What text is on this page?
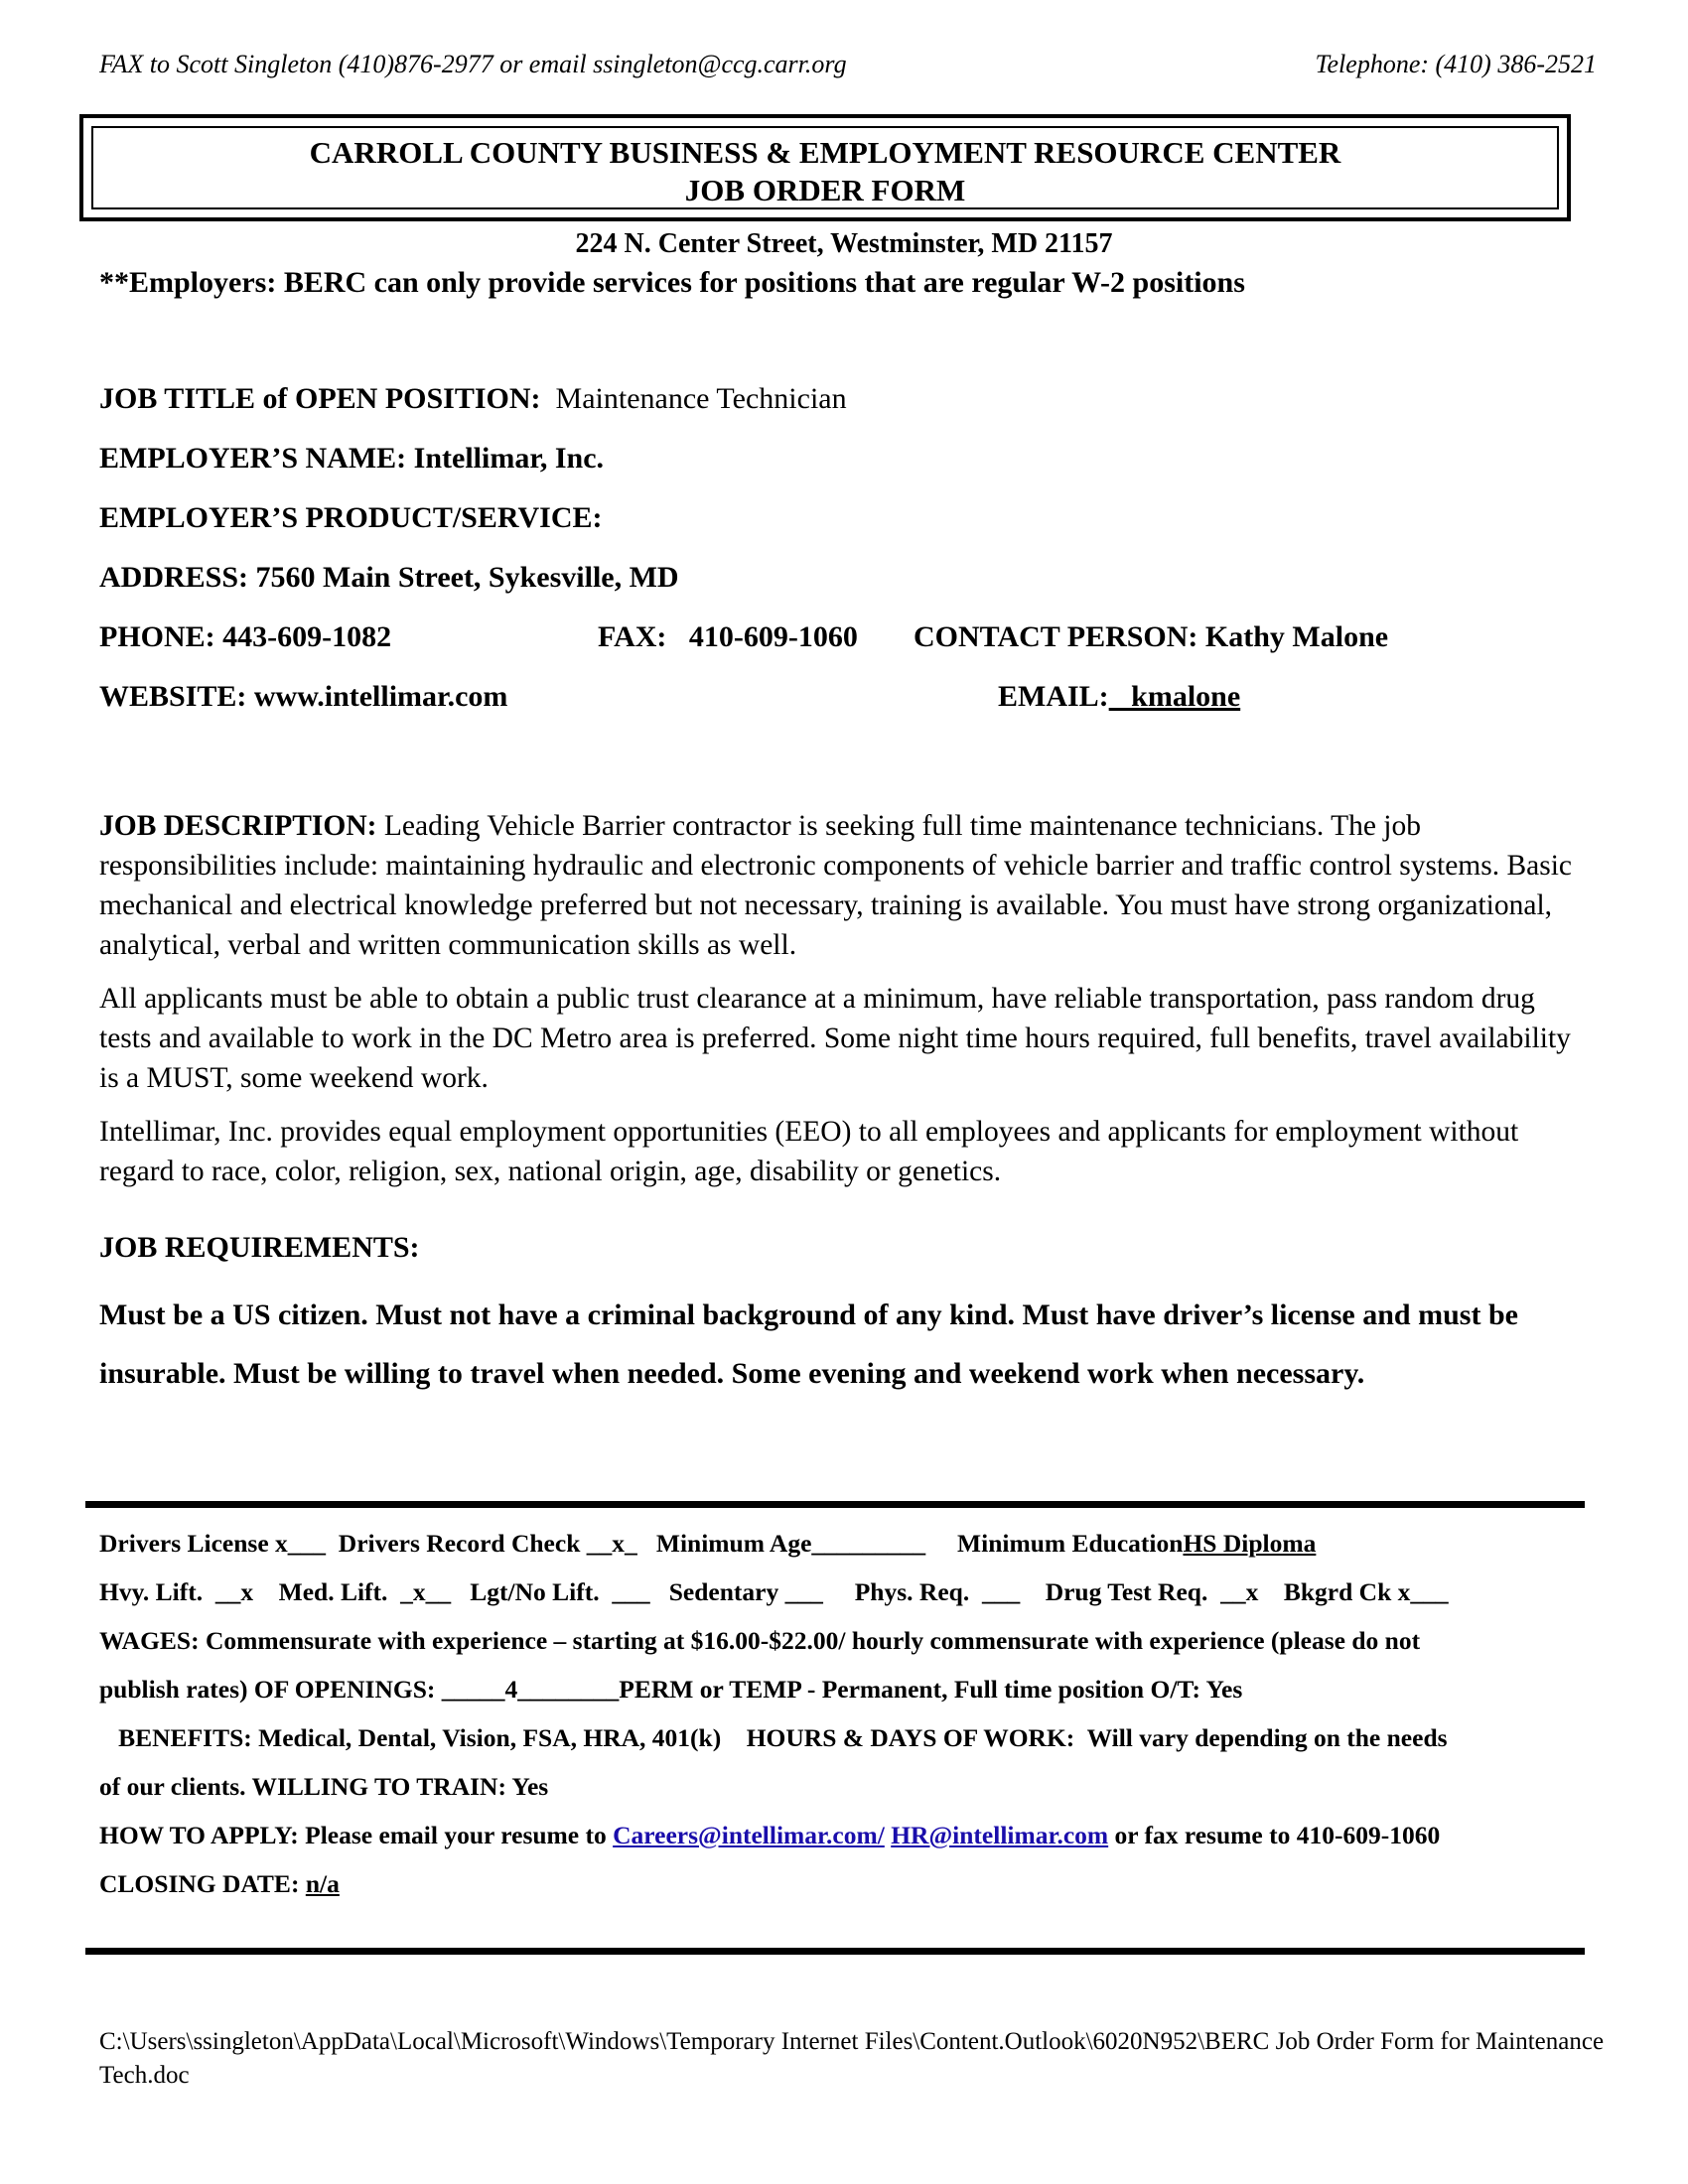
FAX to Scott Singleton (410)876-2977 or email ssingleton@ccg.carr.org	Telephone: (410) 386-2521
CARROLL COUNTY BUSINESS & EMPLOYMENT RESOURCE CENTER
JOB ORDER FORM
224 N. Center Street, Westminster, MD 21157
**Employers: BERC can only provide services for positions that are regular W-2 positions
JOB TITLE of OPEN POSITION: Maintenance Technician
EMPLOYER’S NAME: Intellimar, Inc.
EMPLOYER’S PRODUCT/SERVICE:
ADDRESS: 7560 Main Street, Sykesville, MD
PHONE: 443-609-1082	FAX:   410-609-1060 CONTACT PERSON: Kathy Malone
WEBSITE: www.intellimar.com	EMAIL:   kmalone

JOB DESCRIPTION: Leading Vehicle Barrier contractor is seeking full time maintenance technicians. The job responsibilities include: maintaining hydraulic and electronic components of vehicle barrier and traffic control systems. Basic mechanical and electrical knowledge preferred but not necessary, training is available. You must have strong organizational, analytical, verbal and written communication skills as well.

All applicants must be able to obtain a public trust clearance at a minimum, have reliable transportation, pass random drug tests and available to work in the DC Metro area is preferred. Some night time hours required, full benefits, travel availability is a MUST, some weekend work.

Intellimar, Inc. provides equal employment opportunities (EEO) to all employees and applicants for employment without regard to race, color, religion, sex, national origin, age, disability or genetics.

JOB REQUIREMENTS:
Must be a US citizen. Must not have a criminal background of any kind. Must have driver’s license and must be insurable. Must be willing to travel when needed. Some evening and weekend work when necessary.
Drivers License x___  Drivers Record Check __x_   Minimum Age_________     Minimum EducationHS Diploma
Hvy. Lift.  __x    Med. Lift.  _x__   Lgt/No Lift.  ___   Sedentary ___     Phys. Req.  ___    Drug Test Req.  __x    Bkgrd Ck x___
WAGES: Commensurate with experience – starting at $16.00-$22.00/ hourly commensurate with experience (please do not
publish rates) OF OPENINGS: _____4________PERM or TEMP - Permanent, Full time position O/T: Yes
BENEFITS: Medical, Dental, Vision, FSA, HRA, 401(k)    HOURS & DAYS OF WORK:  Will vary depending on the needs
of our clients. WILLING TO TRAIN: Yes
HOW TO APPLY: Please email your resume to Careers@intellimar.com/ HR@intellimar.com or fax resume to 410-609-1060
CLOSING DATE: n/a
C:\Users\ssingleton\AppData\Local\Microsoft\Windows\Temporary Internet Files\Content.Outlook\6020N952\BERC Job Order Form for Maintenance Tech.doc
